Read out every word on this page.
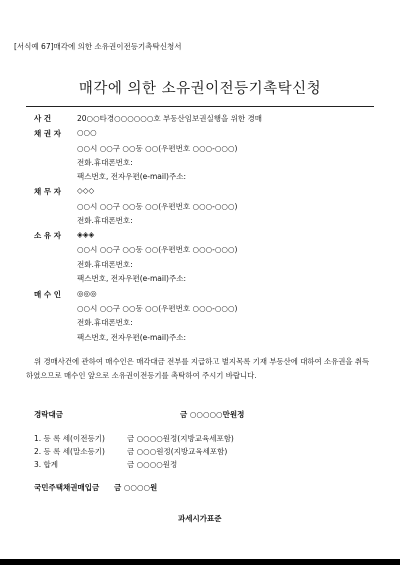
[서식예 67]매각에 의한 소유권이전등기촉탁신청서
매각에 의한 소유권이전등기촉탁신청
사 건	20○○타경○○○○○○호 부동산임보권실행을 위한 경매
채 권 자 ○○○
○○시 ○○구 ○○동 ○○(우편번호 ○○○-○○○)
전화.휴대폰번호:
팩스번호, 전자우편(e-mail)주소:
채 무 자 ◇◇◇
○○시 ○○구 ○○동 ○○(우편번호 ○○○-○○○)
전화.휴대폰번호:
소 유 자 ◈◈◈
○○시 ○○구 ○○동 ○○(우편번호 ○○○-○○○)
전화.휴대폰번호:
팩스번호, 전자우편(e-mail)주소:
매 수 인 ◎◎◎
○○시 ○○구 ○○동 ○○(우편번호 ○○○-○○○)
전화.휴대폰번호:
팩스번호, 전자우편(e-mail)주소:
위 경매사건에 관하여 매수인은 매각대금 전부를 지급하고 별지목록 기재 부동산에 대하여 소유권을 취득하였으므로 매수인 앞으로 소유권이전등기를 촉탁하여 주시기 바랍니다.
경락대금	금 ○○○○○만원정
1. 등 록 세(이전등기)	금 ○○○○원정(지방교육세포함)
2. 등 록 세(말소등기)	금 ○○○원정(지방교육세포함)
3. 합계	금 ○○○○원정
국민주택채권매입금 금 ○○○○원
과세시가표준
